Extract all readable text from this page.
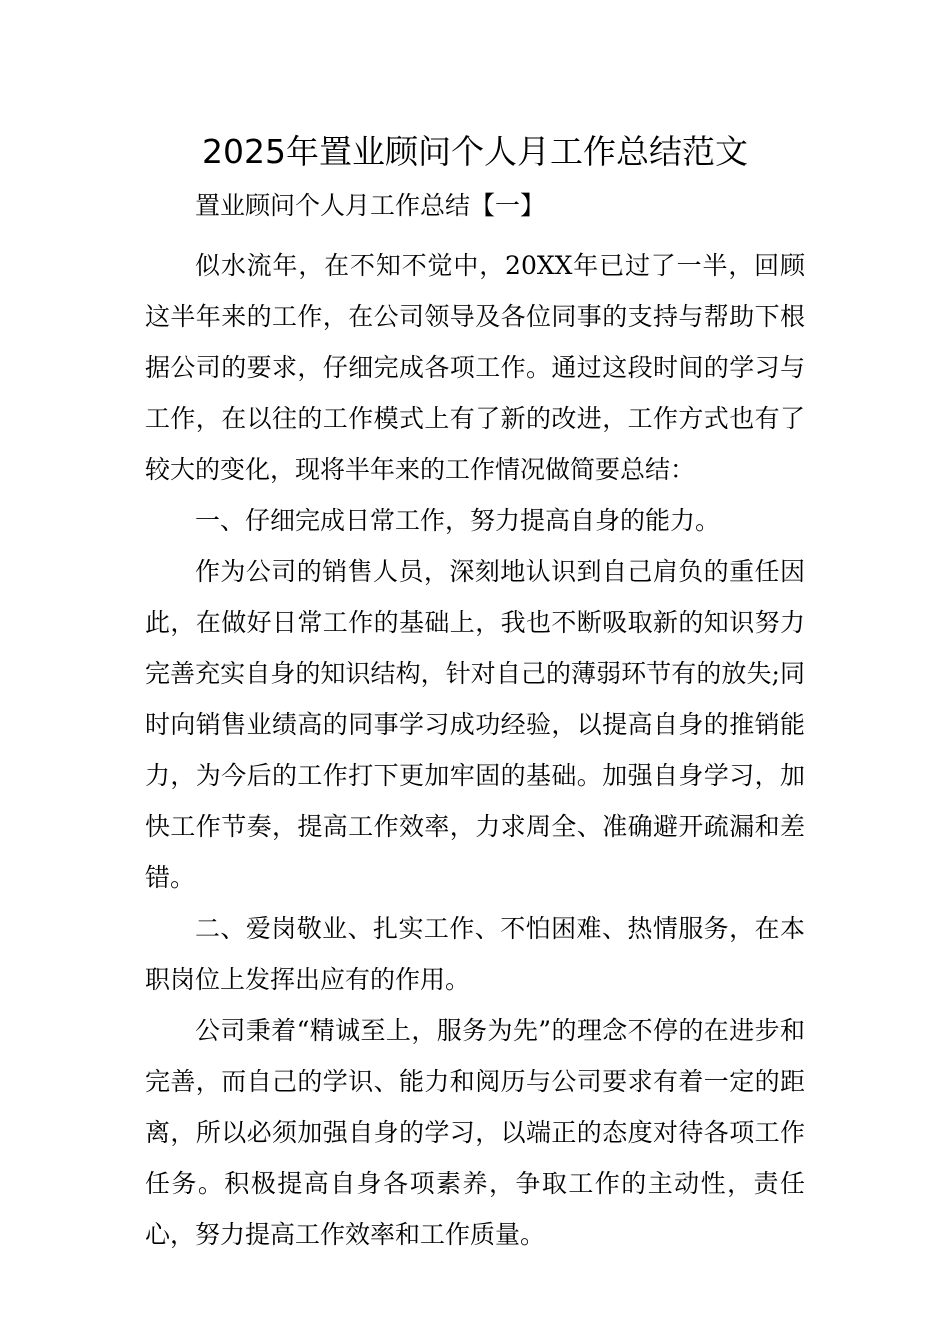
2025年置业顾问个人月工作总结范文

置业顾问个人月工作总结【一】

似水流年，在不知不觉中，20XX年已过了一半，回顾这半年来的工作，在公司领导及各位同事的支持与帮助下根据公司的要求，仔细完成各项工作。通过这段时间的学习与工作，在以往的工作模式上有了新的改进，工作方式也有了较大的变化，现将半年来的工作情况做简要总结：

一、仔细完成日常工作，努力提高自身的能力。

作为公司的销售人员，深刻地认识到自己肩负的重任因此，在做好日常工作的基础上，我也不断吸取新的知识努力完善充实自身的知识结构，针对自己的薄弱环节有的放失;同时向销售业绩高的同事学习成功经验，以提高自身的推销能力，为今后的工作打下更加牢固的基础。加强自身学习，加快工作节奏，提高工作效率，力求周全、准确避开疏漏和差错。

二、爱岗敬业、扎实工作、不怕困难、热情服务，在本职岗位上发挥出应有的作用。

公司秉着“精诚至上，服务为先”的理念不停的在进步和完善，而自己的学识、能力和阅历与公司要求有着一定的距离，所以必须加强自身的学习，以端正的态度对待各项工作任务。积极提高自身各项素养，争取工作的主动性，责任心，努力提高工作效率和工作质量。
